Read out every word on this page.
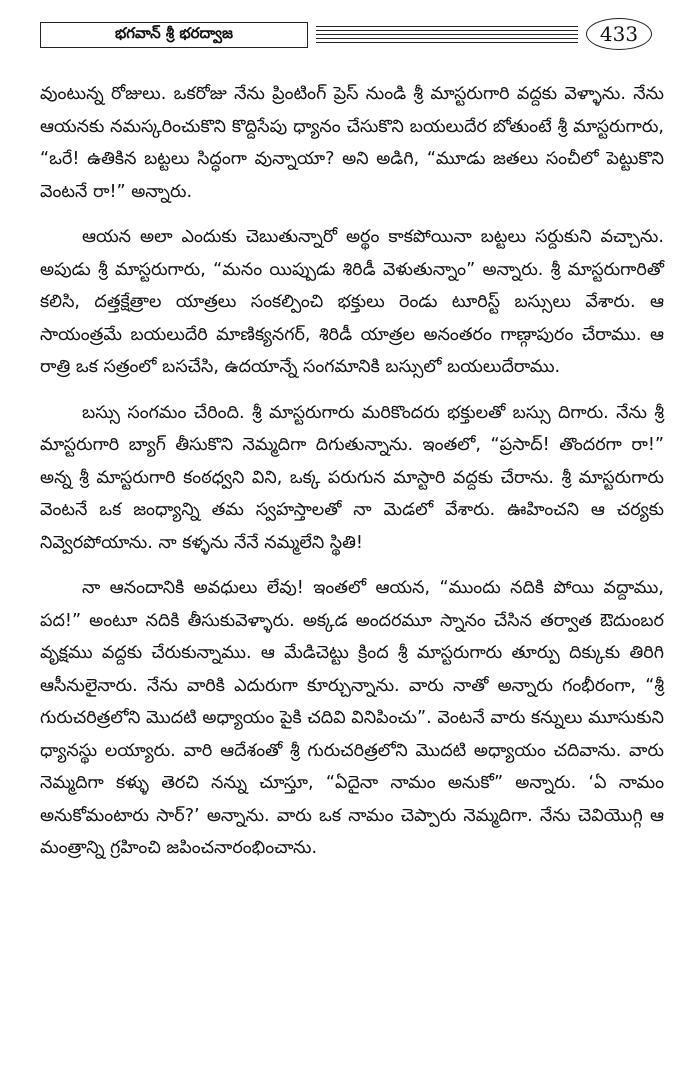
భగవాన్ శ్రీ భరద్వాజ	433

వుంటున్న రోజులు. ఒకరోజు నేను ప్రింటింగ్ ప్రెస్ నుండి శ్రీ మాస్టరుగారి వద్దకు వెళ్ళాను. నేను ఆయనకు నమస్కరించుకొని కొద్దిసేపు ధ్యానం చేసుకొని బయలుదేర బోతుంటే శ్రీ మాస్టరుగారు, “ఒరే! ఉతికిన బట్టలు సిద్ధంగా వున్నాయా? అని అడిగి, “మూడు జతలు సంచీలో పెట్టుకొని వెంటనే రా!” అన్నారు.

ఆయన అలా ఎందుకు చెబుతున్నారో అర్థం కాకపోయినా బట్టలు సర్దుకుని వచ్చాను. అపుడు శ్రీ మాస్టరుగారు, “మనం యిప్పుడు శిరిడీ వెళుతున్నాం” అన్నారు. శ్రీ మాస్టరుగారితో కలిసి, దత్తక్షేత్రాల యాత్రలు సంకల్పించి భక్తులు రెండు టూరిస్ట్ బస్సులు వేశారు. ఆ సాయంత్రమే బయలుదేరి మాణిక్యనగర్, శిరిడీ యాత్రల అనంతరం గాణ్గాపురం చేరాము. ఆ రాత్రి ఒక సత్రంలో బసచేసి, ఉదయాన్నే సంగమానికి బస్సులో బయలుదేరాము.

బస్సు సంగమం చేరింది. శ్రీ మాస్టరుగారు మరికొందరు భక్తులతో బస్సు దిగారు. నేను శ్రీ మాస్టరుగారి బ్యాగ్ తీసుకొని నెమ్మదిగా దిగుతున్నాను. ఇంతలో, “ప్రసాద్! తొందరగా రా!” అన్న శ్రీ మాస్టరుగారి కంఠధ్వని విని, ఒక్క పరుగున మాస్టారి వద్దకు చేరాను. శ్రీ మాస్టరుగారు వెంటనే ఒక జంధ్యాన్ని తమ స్వహస్తాలతో నా మెడలో వేశారు. ఊహించని ఆ చర్యకు నివ్వెరపోయాను. నా కళ్ళను నేనే నమ్మలేని స్థితి!

నా ఆనందానికి అవధులు లేవు! ఇంతలో ఆయన, “ముందు నదికి పోయి వద్దాము, పద!” అంటూ నదికి తీసుకువెళ్ళారు. అక్కడ అందరమూ స్నానం చేసిన తర్వాత ఔదుంబర వృక్షము వద్దకు చేరుకున్నాము. ఆ మేడిచెట్టు క్రింద శ్రీ మాస్టరుగారు తూర్పు దిక్కుకు తిరిగి ఆసీనులైనారు. నేను వారికి ఎదురుగా కూర్చున్నాను. వారు నాతో అన్నారు గంభీరంగా, “శ్రీ గురుచరిత్రలోని మొదటి అధ్యాయం పైకి చదివి వినిపించు”. వెంటనే వారు కన్నులు మూసుకుని ధ్యానస్థు లయ్యారు. వారి ఆదేశంతో శ్రీ గురుచరిత్రలోని మొదటి అధ్యాయం చదివాను. వారు నెమ్మదిగా కళ్ళు తెరచి నన్ను చూస్తూ, “ఏదైనా నామం అనుకో” అన్నారు. ‘ఏ నామం అనుకోమంటారు సార్?’ అన్నాను. వారు ఒక నామం చెప్పారు నెమ్మదిగా. నేను చెవియొగ్గి ఆ మంత్రాన్ని గ్రహించి జపించనారంభించాను.
